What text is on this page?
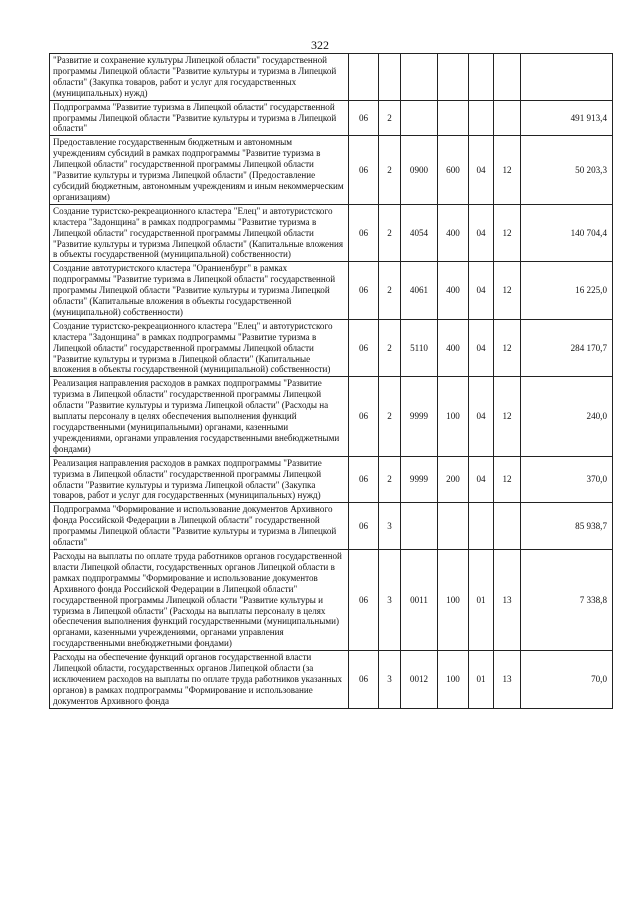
322
"Развитие и сохранение культуры Липецкой области" государственной программы Липецкой области "Развитие культуры и туризма в Липецкой области" (Закупка товаров, работ и услуг для государственных (муниципальных) нужд)							
Подпрограмма "Развитие туризма в Липецкой области" государственной программы Липецкой области "Развитие культуры и туризма в Липецкой области"	06	2					491 913,4
Предоставление государственным бюджетным и автономным учреждениям субсидий в рамках подпрограммы "Развитие туризма в Липецкой области" государственной программы Липецкой области "Развитие культуры и туризма Липецкой области" (Предоставление субсидий бюджетным, автономным учреждениям и иным некоммерческим организациям)	06	2	0900	600	04	12	50 203,3
Создание туристско-рекреационного кластера "Елец" и автотуристского кластера "Задонщина" в рамках подпрограммы "Развитие туризма в Липецкой области" государственной программы Липецкой области "Развитие культуры и туризма Липецкой области" (Капитальные вложения в объекты государственной (муниципальной) собственности)	06	2	4054	400	04	12	140 704,4
Создание автотуристского кластера "Ораниенбург" в рамках подпрограммы "Развитие туризма в Липецкой области" государственной программы Липецкой области "Развитие культуры и туризма Липецкой области" (Капитальные вложения в объекты государственной (муниципальной) собственности)	06	2	4061	400	04	12	16 225,0
Создание туристско-рекреационного кластера "Елец" и автотуристского кластера "Задонщина" в рамках подпрограммы "Развитие туризма в Липецкой области" государственной программы Липецкой области "Развитие культуры и туризма в Липецкой области" (Капитальные вложения в объекты государственной (муниципальной) собственности)	06	2	5110	400	04	12	284 170,7
Реализация направления расходов в рамках подпрограммы "Развитие туризма в Липецкой области" государственной программы Липецкой области "Развитие культуры и туризма Липецкой области" (Расходы на выплаты персоналу в целях обеспечения выполнения функций государственными (муниципальными) органами, казенными учреждениями, органами управления государственными внебюджетными фондами)	06	2	9999	100	04	12	240,0
Реализация направления расходов в рамках подпрограммы "Развитие туризма в Липецкой области" государственной программы Липецкой области "Развитие культуры и туризма Липецкой области" (Закупка товаров, работ и услуг для государственных (муниципальных) нужд)	06	2	9999	200	04	12	370,0
Подпрограмма "Формирование и использование документов Архивного фонда Российской Федерации в Липецкой области" государственной программы Липецкой области "Развитие культуры и туризма в Липецкой области"	06	3					85 938,7
Расходы на выплаты по оплате труда работников органов государственной власти Липецкой области, государственных органов Липецкой области в рамках подпрограммы "Формирование и использование документов Архивного фонда Российской Федерации в Липецкой области" государственной программы Липецкой области "Развитие культуры и туризма в Липецкой области" (Расходы на выплаты персоналу в целях обеспечения выполнения функций государственными (муниципальными) органами, казенными учреждениями, органами управления государственными внебюджетными фондами)	06	3	0011	100	01	13	7 338,8
Расходы на обеспечение функций органов государственной власти Липецкой области, государственных органов Липецкой области (за исключением расходов на выплаты по оплате труда работников указанных органов) в рамках подпрограммы "Формирование и использование документов Архивного фонда	06	3	0012	100	01	13	70,0
